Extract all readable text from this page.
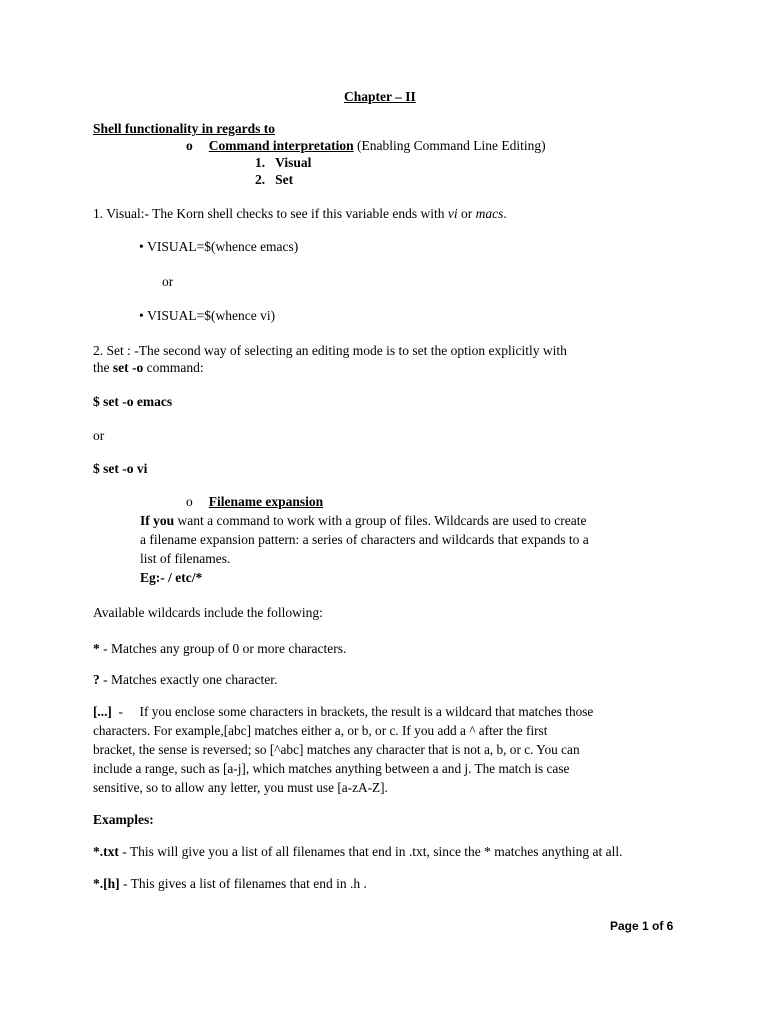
Chapter – II
Shell functionality in regards to
o Command interpretation (Enabling Command Line Editing)
1. Visual
2. Set
1. Visual:- The Korn shell checks to see if this variable ends with vi or macs.
• VISUAL=$(whence emacs)
or
• VISUAL=$(whence vi)
2. Set : -The second way of selecting an editing mode is to set the option explicitly with
the set -o command:
$ set -o emacs
or
$ set -o vi
o Filename expansion
If you want a command to work with a group of files. Wildcards are used to create
a filename expansion pattern: a series of characters and wildcards that expands to a
list of filenames.
Eg:- / etc/*
Available wildcards include the following:
* - Matches any group of 0 or more characters.
? - Matches exactly one character.

[...]  -     If you enclose some characters in brackets, the result is a wildcard that matches those

characters. For example,[abc] matches either a, or b, or c. If you add a ^ after the first

bracket, the sense is reversed; so [^abc] matches any character that is not a, b, or c. You can

include a range, such as [a-j], which matches anything between a and j. The match is case

sensitive, so to allow any letter, you must use [a-zA-Z].

Examples:
*.txt - This will give you a list of all filenames that end in .txt, since the * matches anything at all.
*.[h] - This gives a list of filenames that end in .h .
Page 1 of 6
